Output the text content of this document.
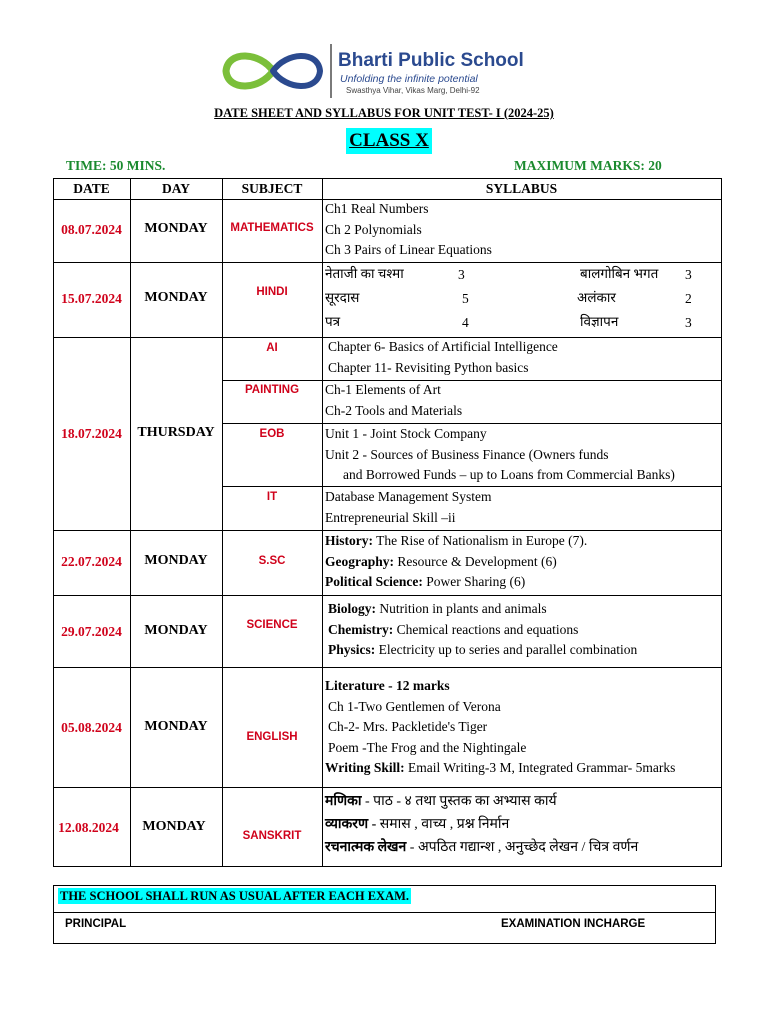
Bharti Public School
Unfolding the infinite potential
Swasthya Vihar, Vikas Marg, Delhi-92
DATE SHEET AND SYLLABUS FOR UNIT TEST- I (2024-25)
CLASS X
TIME: 50 MINS.	MAXIMUM MARKS: 20
DATE	DAY	SUBJECT	SYLLABUS
08.07.2024	MONDAY	MATHEMATICS
Ch1 Real Numbers
Ch 2 Polynomials
Ch 3 Pairs of Linear Equations
15.07.2024	MONDAY	HINDI
नेताजी का चश्मा	3	बालगोबिन भगत 3
सूरदास	5	अलंकार	2
पत्र	4	विज्ञापन	3
18.07.2024	THURSDAY
AI	Chapter 6- Basics of Artificial Intelligence
Chapter 11- Revisiting Python basics
PAINTING	Ch-1 Elements of Art
Ch-2 Tools and Materials
EOB	Unit 1 - Joint Stock Company
Unit 2 - Sources of Business Finance (Owners funds
and Borrowed Funds – up to Loans from Commercial Banks)
IT	Database Management System
Entrepreneurial Skill –ii
22.07.2024	MONDAY	S.SC
History: The Rise of Nationalism in Europe (7).
Geography: Resource & Development (6)
Political Science: Power Sharing (6)
29.07.2024	MONDAY	SCIENCE
Biology: Nutrition in plants and animals
Chemistry: Chemical reactions and equations
Physics: Electricity up to series and parallel combination
05.08.2024	MONDAY
ENGLISH
Literature - 12 marks
Ch 1-Two Gentlemen of Verona
Ch-2- Mrs. Packletide's Tiger
Poem -The Frog and the Nightingale
Writing Skill: Email Writing-3 M, Integrated Grammar- 5marks
12.08.2024	MONDAY
SANSKRIT
मणिका - पाठ - ४ तथा पुस्तक का अभ्यास कार्य
व्याकरण - समास , वाच्य , प्रश्न निर्मान
रचनात्मक लेखन - अपठित गद्यान्श , अनुच्छेद लेखन / चित्र वर्णन
THE SCHOOL SHALL RUN AS USUAL AFTER EACH EXAM.
PRINCIPAL	EXAMINATION INCHARGE
